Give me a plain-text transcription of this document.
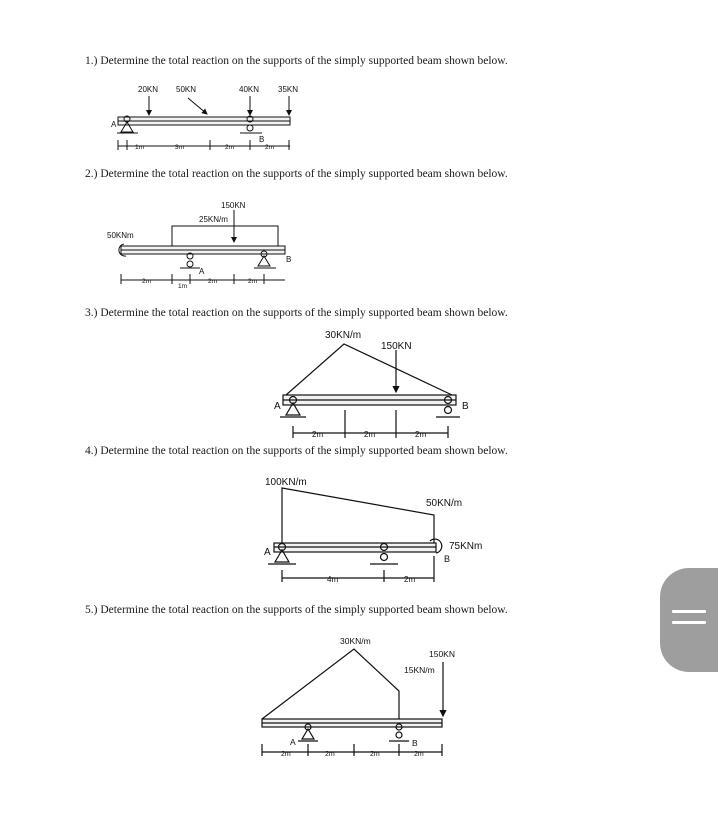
1.) Determine the total reaction on the supports of the simply supported beam shown below.
2.) Determine the total reaction on the supports of the simply supported beam shown below.
3.) Determine the total reaction on the supports of the simply supported beam shown below.
4.) Determine the total reaction on the supports of the simply supported beam shown below.
5.) Determine the total reaction on the supports of the simply supported beam shown below.
20KN 50KN	40KN 35KN
A
B
1m	3m	2m	2m
150KN
25KN/m
50KNm
A
B
2m
1m
2m	2m
30KN/m
150KN
A	B
2m	2m	2m
100KN/m
50KN/m
75KNm
A
B
4m	2m
30KN/m
15KN/m
150KN
A	B
2m	2m	2m	2m
